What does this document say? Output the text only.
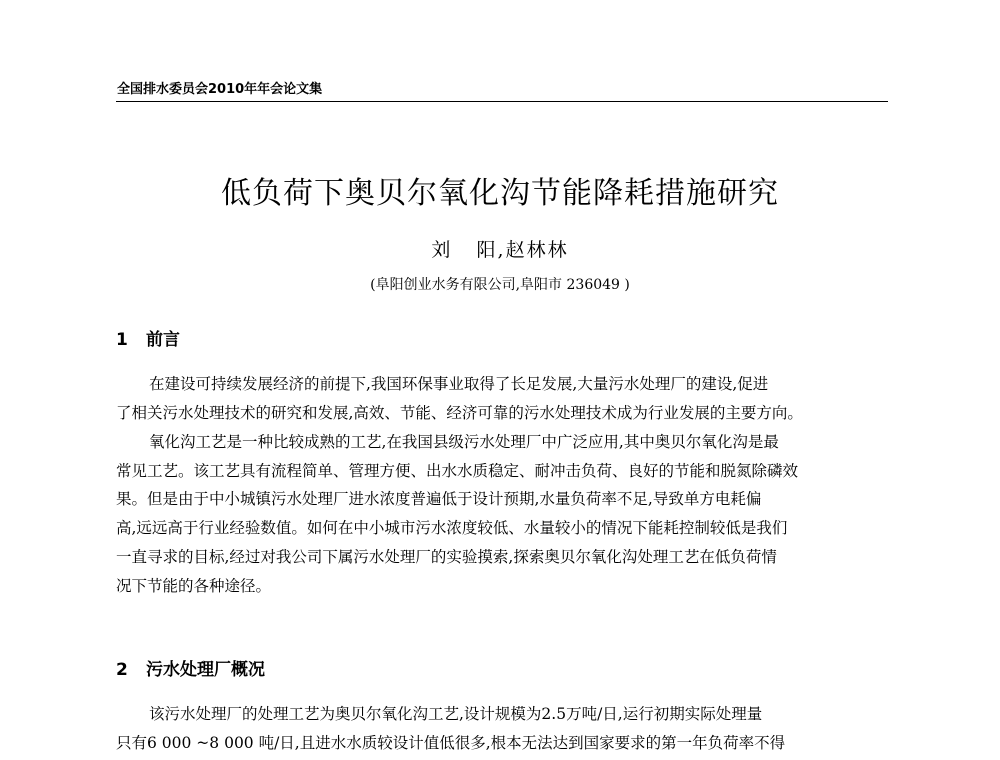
全国排水委员会2010年年会论文集
低负荷下奥贝尔氧化沟节能降耗措施研究
刘   阳,赵林林
(阜阳创业水务有限公司,阜阳市 236049 )
1 前言
在建设可持续发展经济的前提下,我国环保事业取得了长足发展,大量污水处理厂的建设,促进
了相关污水处理技术的研究和发展,高效、节能、经济可靠的污水处理技术成为行业发展的主要方向。
氧化沟工艺是一种比较成熟的工艺,在我国县级污水处理厂中广泛应用,其中奥贝尔氧化沟是最
常见工艺。该工艺具有流程简单、管理方便、出水水质稳定、耐冲击负荷、良好的节能和脱氮除磷效
果。但是由于中小城镇污水处理厂进水浓度普遍低于设计预期,水量负荷率不足,导致单方电耗偏
高,远远高于行业经验数值。如何在中小城市污水浓度较低、水量较小的情况下能耗控制较低是我们
一直寻求的目标,经过对我公司下属污水处理厂的实验摸索,探索奥贝尔氧化沟处理工艺在低负荷情
况下节能的各种途径。
2 污水处理厂概况
该污水处理厂的处理工艺为奥贝尔氧化沟工艺,设计规模为2.5万吨/日,运行初期实际处理量
只有6 000 ~8 000 吨/日,且进水水质较设计值低很多,根本无法达到国家要求的第一年负荷率不得
